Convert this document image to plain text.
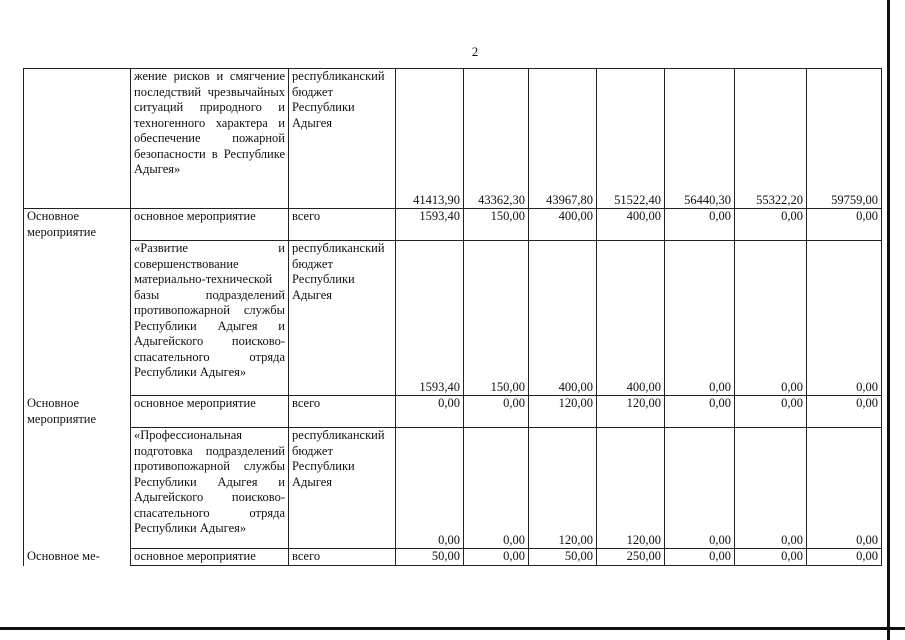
2
	жение рисков и смягчение последствий чрезвычайных ситуаций природного и техногенного характера и обеспечение пожарной безопасности в Республике Адыгея»	республиканский бюджет Республики Адыгея	41413,90	43362,30	43967,80	51522,40	56440,30	55322,20	59759,00
Основное мероприятие	основное мероприятие	всего	1593,40	150,00	400,00	400,00	0,00	0,00	0,00
	«Развитие и совершенствование материально-технической базы подразделений противопожарной службы Республики Адыгея и Адыгейского поисково-спасательного отряда Республики Адыгея»	республиканский бюджет Республики Адыгея	1593,40	150,00	400,00	400,00	0,00	0,00	0,00
Основное мероприятие	основное мероприятие	всего	0,00	0,00	120,00	120,00	0,00	0,00	0,00
	«Профессиональная подготовка подразделений противопожарной службы Республики Адыгея и Адыгейского поисково-спасательного отряда Республики Адыгея»	республиканский бюджет Республики Адыгея	0,00	0,00	120,00	120,00	0,00	0,00	0,00
Основное ме-	основное мероприятие	всего	50,00	0,00	50,00	250,00	0,00	0,00	0,00
